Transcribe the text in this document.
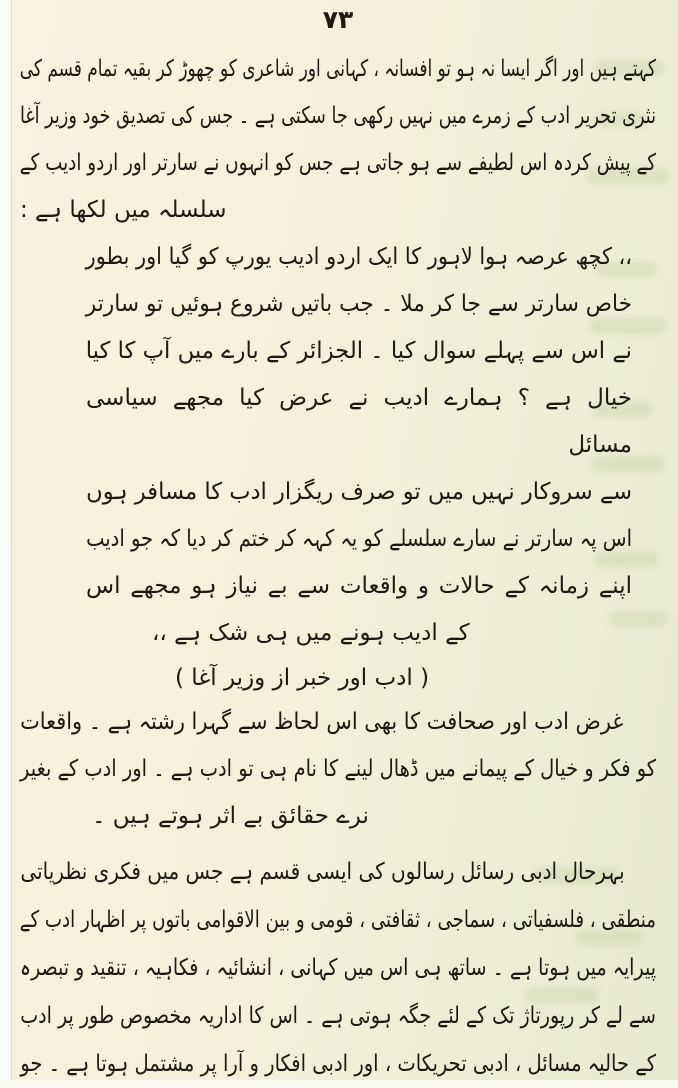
۷۳
کہتے ہیں اور اگر ایسا نہ ہو تو افسانہ ، کہانی اور شاعری کو چھوڑ کر بقیہ تمام قسم کی
نثری تحریر ادب کے زمرے میں نہیں رکھی جا سکتی ہے ۔ جس کی تصدیق خود وزیر آغا
کے پیش کردہ اس لطیفے سے ہو جاتی ہے جس کو انہوں نے سارتر اور اردو ادیب کے
سلسلہ میں لکھا ہے :
،، کچھ عرصہ ہوا لاہور کا ایک اردو ادیب یورپ کو گیا اور بطور
خاص سارتر سے جا کر ملا ۔ جب باتیں شروع ہوئیں تو سارتر
نے اس سے پہلے سوال کیا ۔ الجزائر کے بارے میں آپ کا کیا
خیال ہے ؟ ہمارے ادیب نے عرض کیا مجھے سیاسی مسائل
سے سروکار نہیں میں تو صرف ریگزار ادب کا مسافر ہوں
اس پہ سارتر نے سارے سلسلے کو یہ کہہ کر ختم کر دیا کہ جو ادیب
اپنے زمانہ کے حالات و واقعات سے بے نیاز ہو مجھے اس
کے ادیب ہونے میں ہی شک ہے ،،
( ادب اور خبر از وزیر آغا )
غرض ادب اور صحافت کا بھی اس لحاظ سے گہرا رشتہ ہے ۔ واقعات
کو فکر و خیال کے پیمانے میں ڈھال لینے کا نام ہی تو ادب ہے ۔ اور ادب کے بغیر
نرے حقائق بے اثر ہوتے ہیں ۔
بہرحال ادبی رسائل رسالوں کی ایسی قسم ہے جس میں فکری نظریاتی
منطقی ، فلسفیاتی ، سماجی ، ثقافتی ، قومی و بین الاقوامی باتوں پر اظہار ادب کے
پیرایہ میں ہوتا ہے ۔ ساتھ ہی اس میں کہانی ، انشائیہ ، فکاہیہ ، تنقید و تبصرہ
سے لے کر رپورتاژ تک کے لئے جگہ ہوتی ہے ۔ اس کا اداریہ مخصوص طور پر ادب
کے حالیہ مسائل ، ادبی تحریکات ، اور ادبی افکار و آرا پر مشتمل ہوتا ہے ۔ جو
